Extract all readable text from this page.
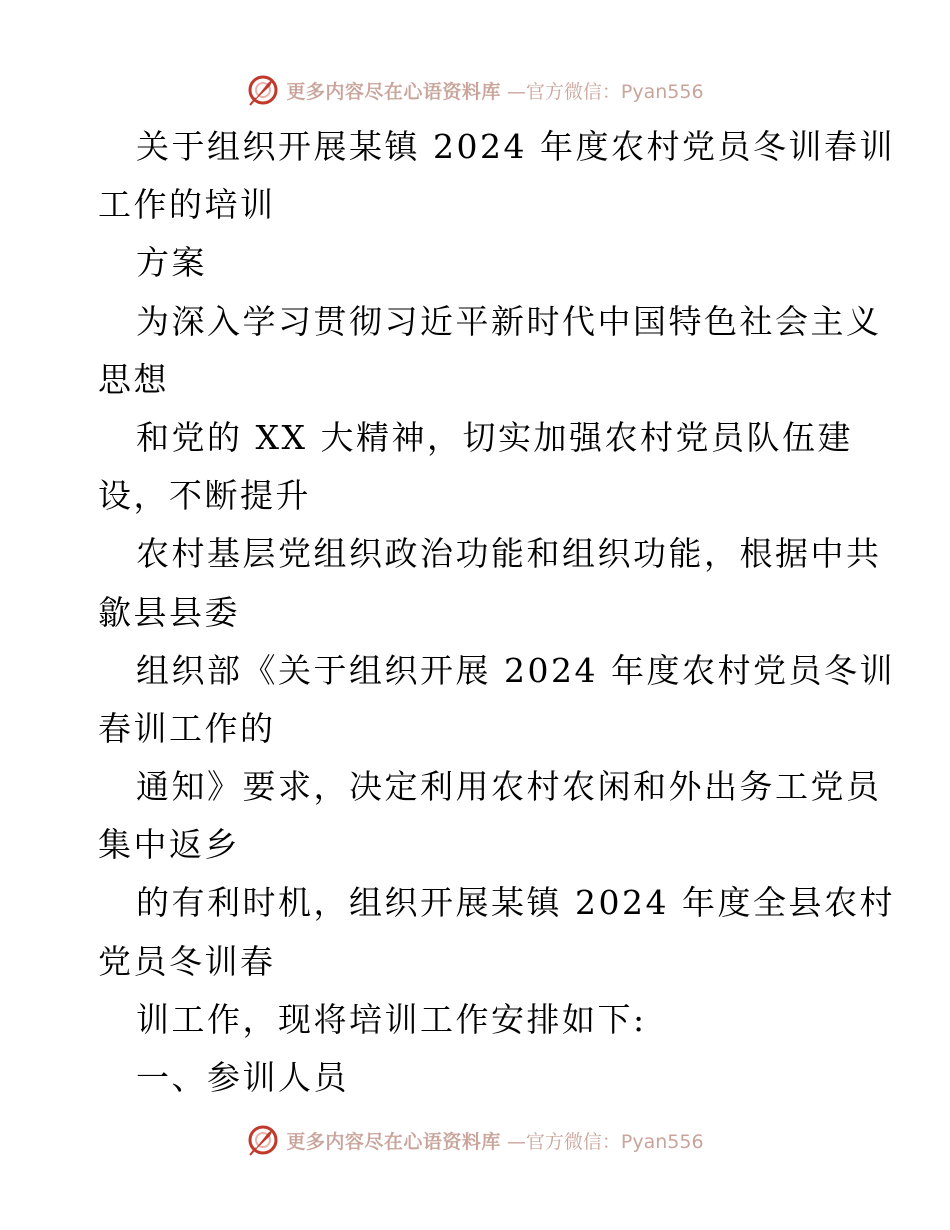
更多内容尽在心语资料库 —官方微信：Pyan556
关于组织开展某镇 2024 年度农村党员冬训春训
工作的培训
方案
为深入学习贯彻习近平新时代中国特色社会主义
思想
和党的 XX 大精神，切实加强农村党员队伍建
设，不断提升
农村基层党组织政治功能和组织功能，根据中共
歙县县委
组织部《关于组织开展 2024 年度农村党员冬训
春训工作的
通知》要求，决定利用农村农闲和外出务工党员
集中返乡
的有利时机，组织开展某镇 2024 年度全县农村
党员冬训春
训工作，现将培训工作安排如下:
一、参训人员
更多内容尽在心语资料库 —官方微信：Pyan556
